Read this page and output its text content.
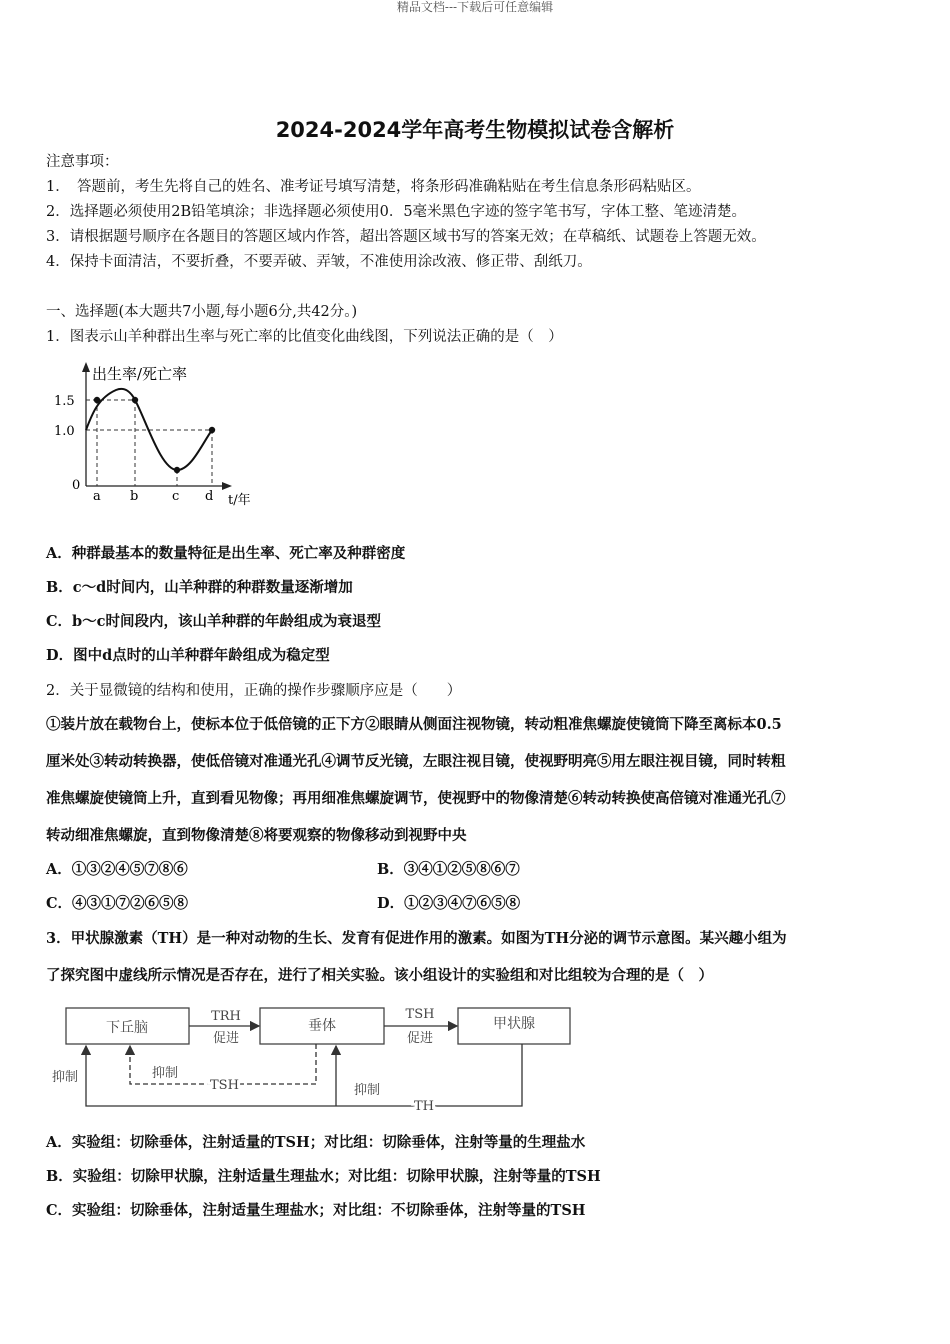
精品文档---下载后可任意编辑
2024-2024学年高考生物模拟试卷含解析
注意事项：
1．　答题前，考生先将自己的姓名、准考证号填写清楚，将条形码准确粘贴在考生信息条形码粘贴区。
2．选择题必须使用2B铅笔填涂；非选择题必须使用0．5毫米黑色字迹的签字笔书写，字体工整、笔迹清楚。
3．请根据题号顺序在各题目的答题区域内作答，超出答题区域书写的答案无效；在草稿纸、试题卷上答题无效。
4．保持卡面清洁，不要折叠，不要弄破、弄皱，不准使用涂改液、修正带、刮纸刀。
一、选择题(本大题共7小题,每小题6分,共42分。)
1．图表示山羊种群出生率与死亡率的比值变化曲线图，下列说法正确的是（　）
出生率/死亡率
t/年
1.5
1.0
0
a b	c d
A．种群最基本的数量特征是出生率、死亡率及种群密度
B．c～d时间内，山羊种群的种群数量逐渐增加
C．b～c时间段内，该山羊种群的年龄组成为衰退型
D．图中d点时的山羊种群年龄组成为稳定型
2．关于显微镜的结构和使用，正确的操作步骤顺序应是（　　）
①装片放在载物台上，使标本位于低倍镜的正下方②眼睛从侧面注视物镜，转动粗准焦螺旋使镜筒下降至离标本0.5
厘米处③转动转换器，使低倍镜对准通光孔④调节反光镜，左眼注视目镜，使视野明亮⑤用左眼注视目镜，同时转粗
准焦螺旋使镜筒上升，直到看见物像；再用细准焦螺旋调节，使视野中的物像清楚⑥转动转换使高倍镜对准通光孔⑦
转动细准焦螺旋，直到物像清楚⑧将要观察的物像移动到视野中央
A．①③②④⑤⑦⑧⑥	B．③④①②⑤⑧⑥⑦
C．④③①⑦②⑥⑤⑧	D．①②③④⑦⑥⑤⑧
3．甲状腺激素（TH）是一种对动物的生长、发育有促进作用的激素。如图为TH分泌的调节示意图。某兴趣小组为
了探究图中虚线所示情况是否存在，进行了相关实验。该小组设计的实验组和对比组较为合理的是（　）
下丘脑	垂体	甲状腺
TRH
促进
TSH
促进
抑制	抑制
TSH	抑制
TH
A．实验组：切除垂体，注射适量的TSH；对比组：切除垂体，注射等量的生理盐水
B．实验组：切除甲状腺，注射适量生理盐水；对比组：切除甲状腺，注射等量的TSH
C．实验组：切除垂体，注射适量生理盐水；对比组：不切除垂体，注射等量的TSH
